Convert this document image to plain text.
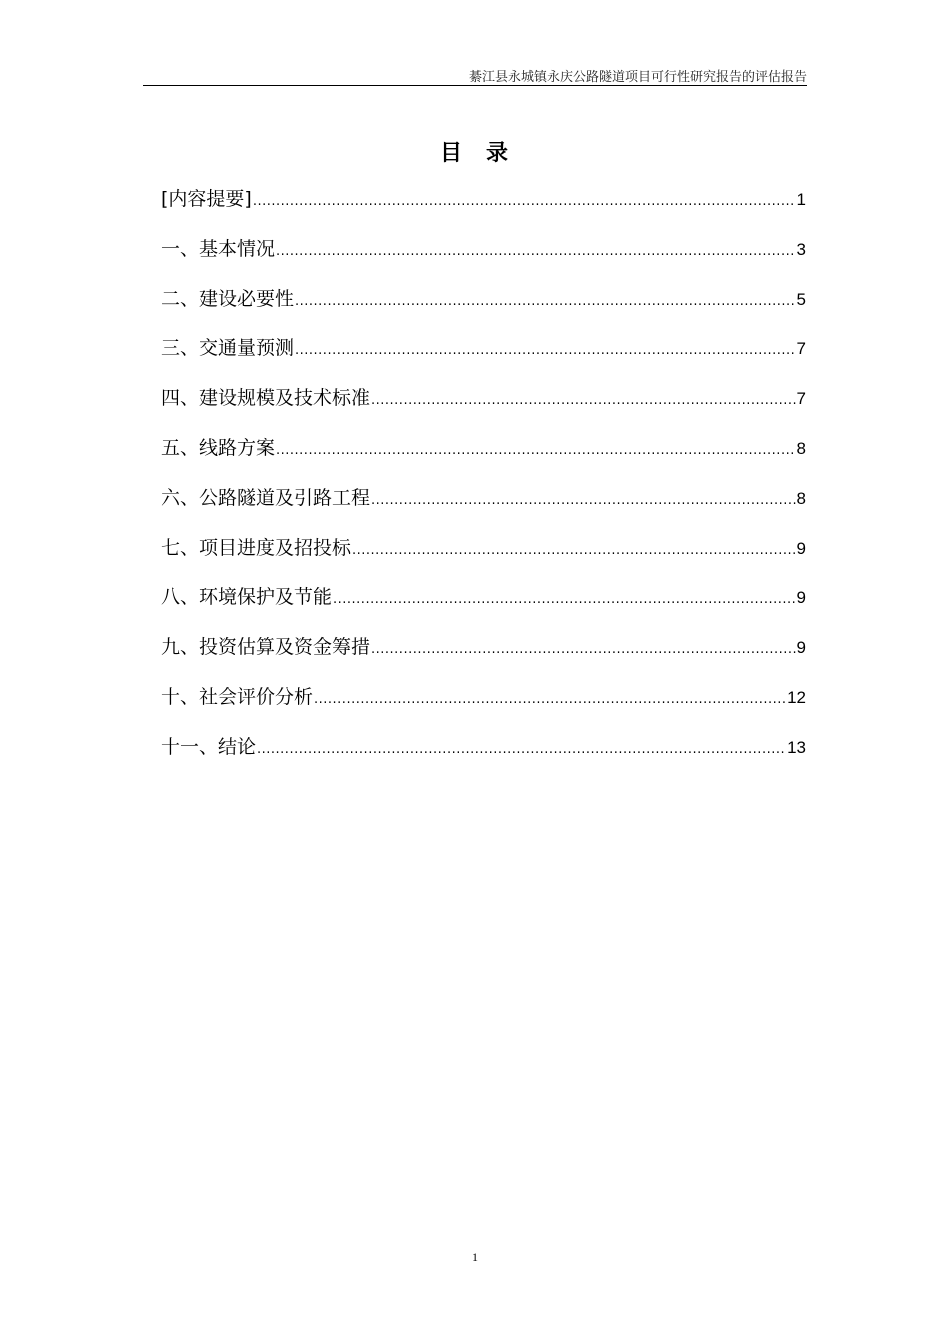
綦江县永城镇永庆公路隧道项目可行性研究报告的评估报告
目 录
[内容提要] .....	1
一、基本情况 .....	3
二、建设必要性 .....	5
三、交通量预测 .....	7
四、建设规模及技术标准 .....	7
五、线路方案 .....	8
六、公路隧道及引路工程 .....	8
七、项目进度及招投标 .....	9
八、环境保护及节能 .....	9
九、投资估算及资金筹措 .....	9
十、社会评价分析 .....	12
十一、结论 .....	13
1
